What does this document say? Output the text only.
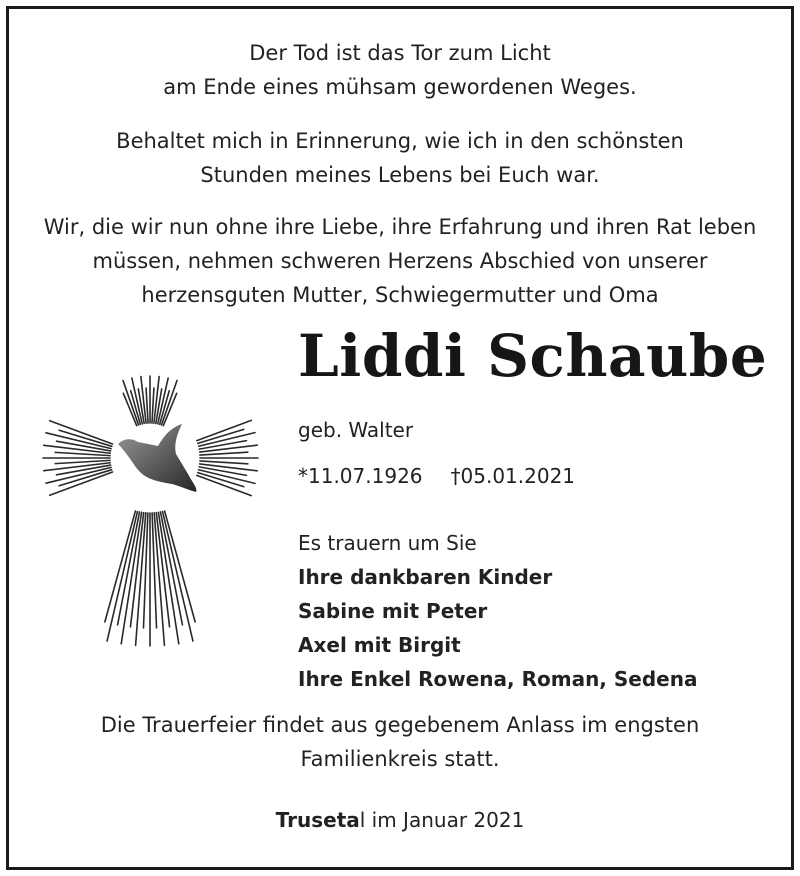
Der Tod ist das Tor zum Licht
am Ende eines mühsam gewordenen Weges.
Behaltet mich in Erinnerung, wie ich in den schönsten
Stunden meines Lebens bei Euch war.
Wir, die wir nun ohne ihre Liebe, ihre Erfahrung und ihren Rat leben
müssen, nehmen schweren Herzens Abschied von unserer
herzensguten Mutter, Schwiegermutter und Oma
Liddi Schaube
geb. Walter
*11.07.1926 †05.01.2021
Es trauern um Sie
Ihre dankbaren Kinder
Sabine mit Peter
Axel mit Birgit
Ihre Enkel Rowena, Roman, Sedena
Die Trauerfeier findet aus gegebenem Anlass im engsten
Familienkreis statt.
Trusetal im Januar 2021
